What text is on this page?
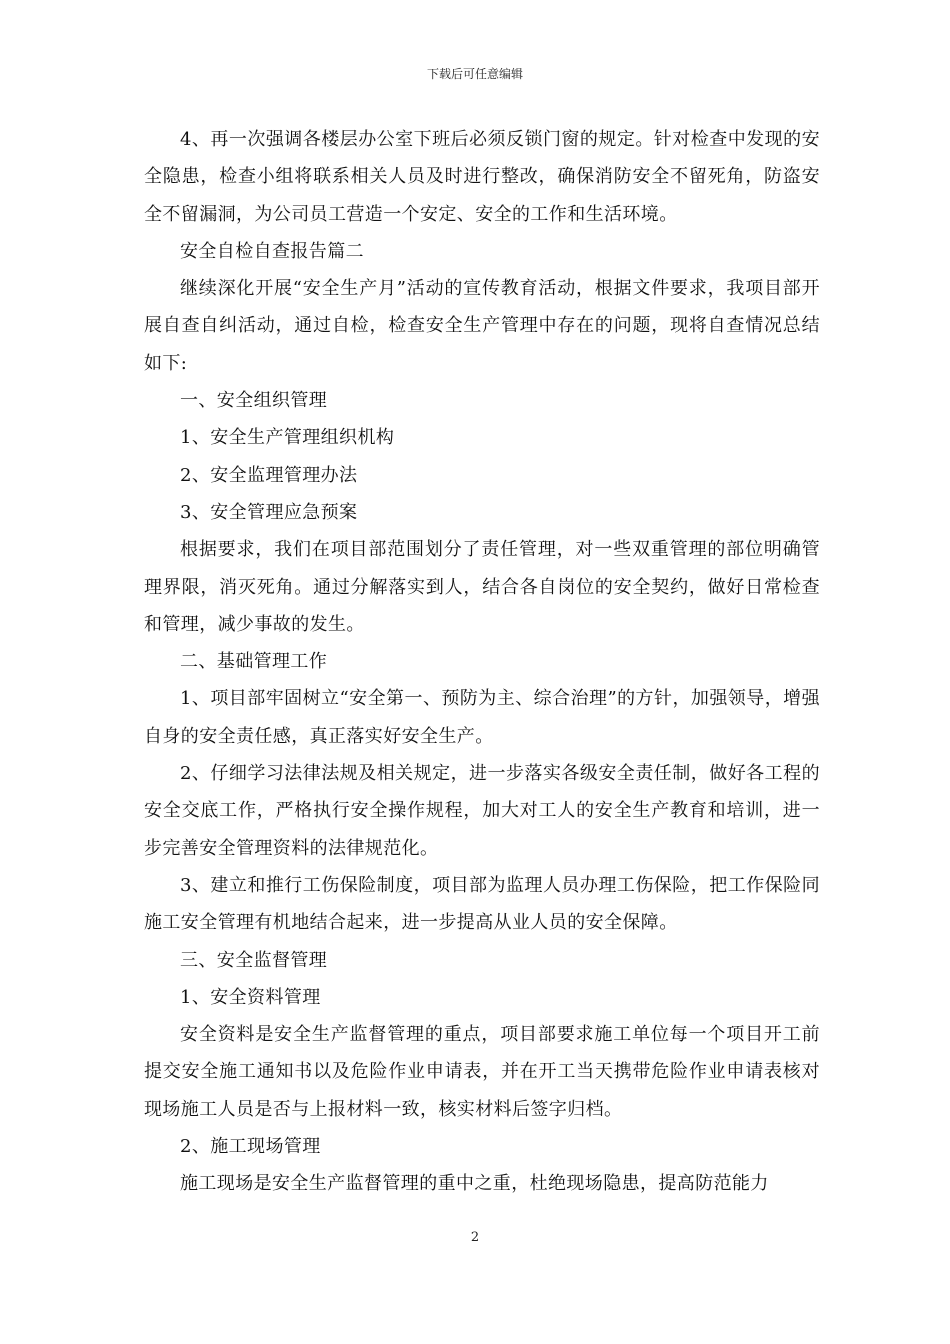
下载后可任意编辑

4、再一次强调各楼层办公室下班后必须反锁门窗的规定。针对检查中发现的安全隐患，检查小组将联系相关人员及时进行整改，确保消防安全不留死角，防盗安全不留漏洞，为公司员工营造一个安定、安全的工作和生活环境。

安全自检自查报告篇二

继续深化开展“安全生产月”活动的宣传教育活动，根据文件要求，我项目部开展自查自纠活动，通过自检，检查安全生产管理中存在的问题，现将自查情况总结如下:

一、安全组织管理

1、安全生产管理组织机构

2、安全监理管理办法

3、安全管理应急预案

根据要求，我们在项目部范围划分了责任管理，对一些双重管理的部位明确管理界限，消灭死角。通过分解落实到人，结合各自岗位的安全契约，做好日常检查和管理，减少事故的发生。

二、基础管理工作

1、项目部牢固树立“安全第一、预防为主、综合治理”的方针，加强领导，增强自身的安全责任感，真正落实好安全生产。

2、仔细学习法律法规及相关规定，进一步落实各级安全责任制，做好各工程的安全交底工作，严格执行安全操作规程，加大对工人的安全生产教育和培训，进一步完善安全管理资料的法律规范化。

3、建立和推行工伤保险制度，项目部为监理人员办理工伤保险，把工作保险同施工安全管理有机地结合起来，进一步提高从业人员的安全保障。

三、安全监督管理

1、安全资料管理

安全资料是安全生产监督管理的重点，项目部要求施工单位每一个项目开工前提交安全施工通知书以及危险作业申请表，并在开工当天携带危险作业申请表核对现场施工人员是否与上报材料一致，核实材料后签字归档。

2、施工现场管理

施工现场是安全生产监督管理的重中之重，杜绝现场隐患，提高防范能力

2
